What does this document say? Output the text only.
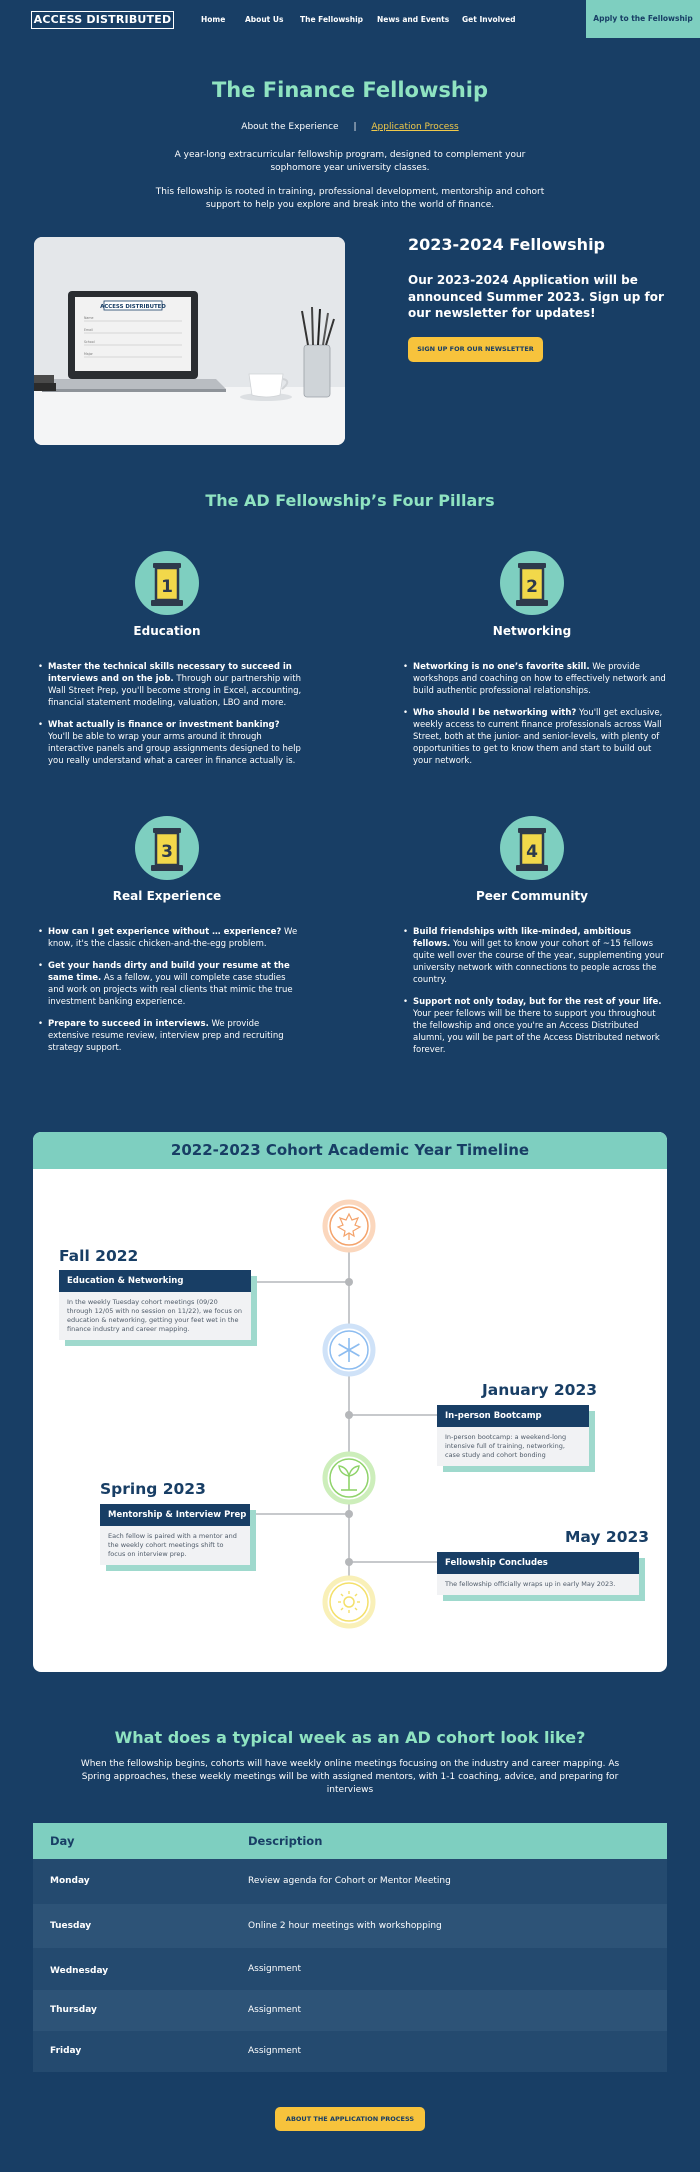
ACCESS DISTRIBUTED	Home	About Us The Fellowship News and Events Get Involved	Apply to the Fellowship
The Finance Fellowship
About the Experience | Application Process
A year-long extracurricular fellowship program, designed to complement your sophomore year university classes.
This fellowship is rooted in training, professional development, mentorship and cohort support to help you explore and break into the world of finance.
ACCESS DISTRIBUTED
Name
Email
School
Major
2023-2024 Fellowship
Our 2023-2024 Application will be announced Summer 2023. Sign up for our newsletter for updates!
SIGN UP FOR OUR NEWSLETTER
The AD Fellowship’s Four Pillars
1	2
3	4
Education	Networking
Real Experience	Peer Community
• Master the technical skills necessary to succeed in interviews and on the job. Through our partnership with Wall Street Prep, you'll become strong in Excel, accounting, financial statement modeling, valuation, LBO and more.
• What actually is finance or investment banking? You'll be able to wrap your arms around it through interactive panels and group assignments designed to help you really understand what a career in finance actually is.
• Networking is no one’s favorite skill. We provide workshops and coaching on how to effectively network and build authentic professional relationships.
• Who should I be networking with? You'll get exclusive, weekly access to current finance professionals across Wall Street, both at the junior- and senior-levels, with plenty of opportunities to get to know them and start to build out your network.
• How can I get experience without … experience? We know, it's the classic chicken-and-the-egg problem.
• Get your hands dirty and build your resume at the same time. As a fellow, you will complete case studies and work on projects with real clients that mimic the true investment banking experience.
• Prepare to succeed in interviews. We provide extensive resume review, interview prep and recruiting strategy support.
• Build friendships with like-minded, ambitious fellows. You will get to know your cohort of ~15 fellows quite well over the course of the year, supplementing your university network with connections to people across the country.
• Support not only today, but for the rest of your life. Your peer fellows will be there to support you throughout the fellowship and once you're an Access Distributed alumni, you will be part of the Access Distributed network forever.
2022-2023 Cohort Academic Year Timeline
Fall 2022
Education & Networking
In the weekly Tuesday cohort meetings (09/20 through 12/05 with no session on 11/22), we focus on education & networking, getting your feet wet in the finance industry and career mapping.
January 2023
In-person Bootcamp
In-person bootcamp: a weekend-long intensive full of training, networking, case study and cohort bonding
Spring 2023
Mentorship & Interview Prep
Each fellow is paired with a mentor and the weekly cohort meetings shift to focus on interview prep.
May 2023
Fellowship Concludes
The fellowship officially wraps up in early May 2023.
What does a typical week as an AD cohort look like?
When the fellowship begins, cohorts will have weekly online meetings focusing on the industry and career mapping. As Spring approaches, these weekly meetings will be with assigned mentors, with 1-1 coaching, advice, and preparing for interviews
Day	Description
Monday	Review agenda for Cohort or Mentor Meeting
Tuesday	Online 2 hour meetings with workshopping
Wednesday	Assignment
Thursday	Assignment
Friday	Assignment
ABOUT THE APPLICATION PROCESS
